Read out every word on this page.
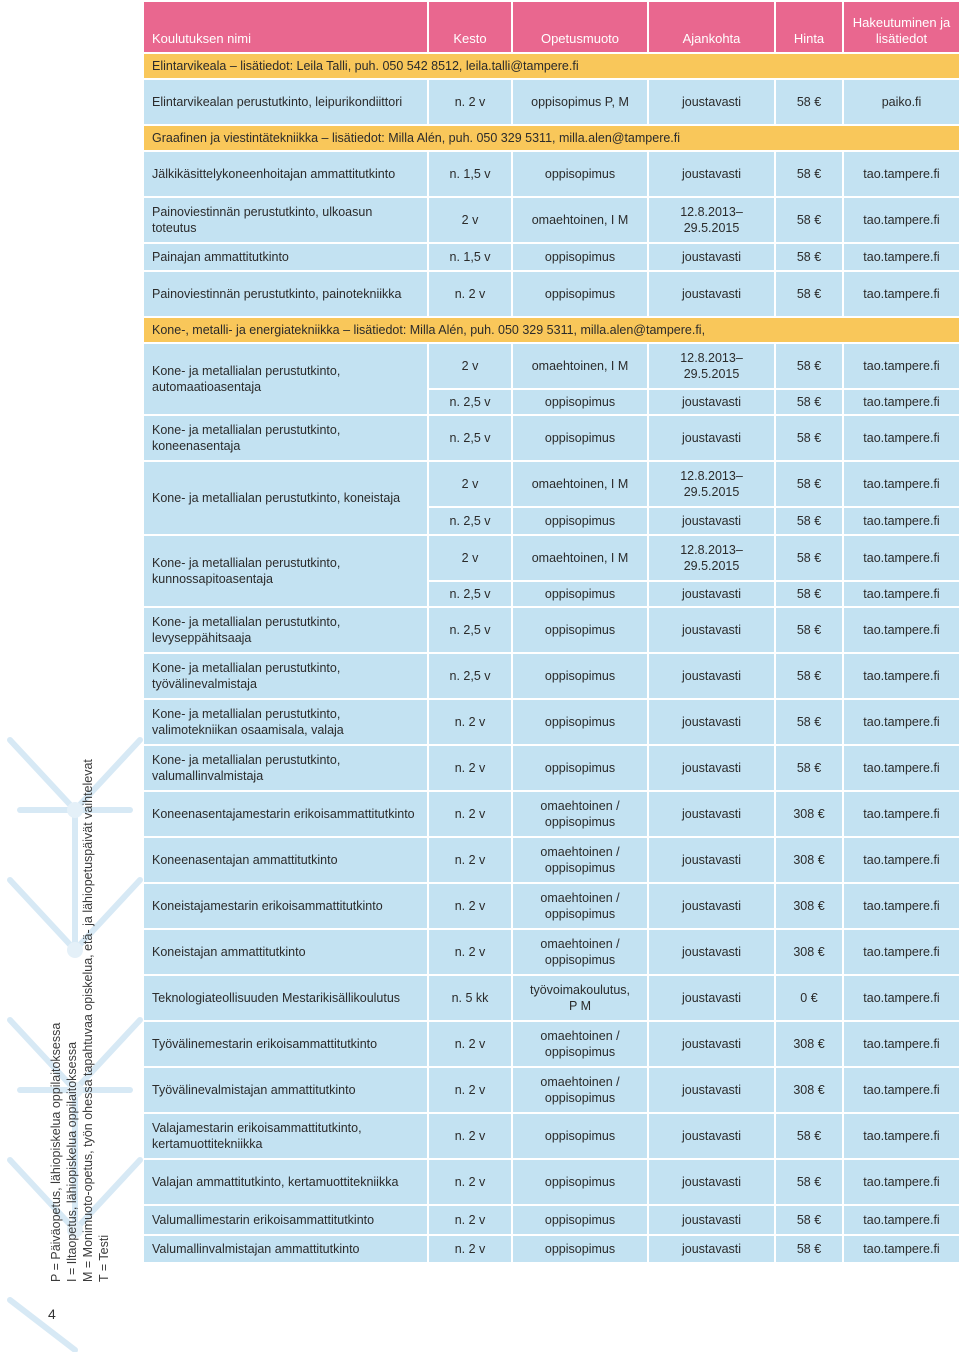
P = Päiväopetus, lähiopiskelua oppilaitoksessa I = Iltaopetus, lähiopiskelua oppilaitoksessa M = Monimuoto-opetus, työn ohessa tapahtuvaa opiskelua, etä- ja lähiopetuspäivät vaihtelevat T = Testi
4
Koulutuksen nimi	Kesto	Opetusmuoto	Ajankohta	Hinta	Hakeutuminen ja lisätiedot
Elintarvikeala – lisätiedot: Leila Talli, puh. 050 542 8512, leila.talli@tampere.fi					
Elintarvikealan perustutkinto, leipurikondiittori	n. 2 v	oppisopimus P, M	joustavasti	58 €	paiko.fi
Graafinen ja viestintätekniikka – lisätiedot: Milla Alén, puh. 050 329 5311, milla.alen@tampere.fi					
Jälkikäsittelykoneenhoitajan ammattitutkinto	n. 1,5 v	oppisopimus	joustavasti	58 €	tao.tampere.fi
Painoviestinnän perustutkinto, ulkoasun toteutus	2 v	omaehtoinen, I M	12.8.2013–
29.5.2015	58 €	tao.tampere.fi
Painajan ammattitutkinto	n. 1,5 v	oppisopimus	joustavasti	58 €	tao.tampere.fi
Painoviestinnän perustutkinto, painotekniikka	n. 2 v	oppisopimus	joustavasti	58 €	tao.tampere.fi
Kone-, metalli- ja energiatekniikka – lisätiedot: Milla Alén, puh. 050 329 5311, milla.alen@tampere.fi,					
Kone- ja metallialan perustutkinto, automaatioasentaja	2 v	omaehtoinen, I M	12.8.2013–
29.5.2015	58 €	tao.tampere.fi
	n. 2,5 v	oppisopimus	joustavasti	58 €	tao.tampere.fi
Kone- ja metallialan perustutkinto, koneenasentaja	n. 2,5 v	oppisopimus	joustavasti	58 €	tao.tampere.fi
Kone- ja metallialan perustutkinto, koneistaja	2 v	omaehtoinen, I M	12.8.2013–
29.5.2015	58 €	tao.tampere.fi
	n. 2,5 v	oppisopimus	joustavasti	58 €	tao.tampere.fi
Kone- ja metallialan perustutkinto, kunnossapitoasentaja	2 v	omaehtoinen, I M	12.8.2013–
29.5.2015	58 €	tao.tampere.fi
	n. 2,5 v	oppisopimus	joustavasti	58 €	tao.tampere.fi
Kone- ja metallialan perustutkinto, levyseppähitsaaja	n. 2,5 v	oppisopimus	joustavasti	58 €	tao.tampere.fi
Kone- ja metallialan perustutkinto, työvälinevalmistaja	n. 2,5 v	oppisopimus	joustavasti	58 €	tao.tampere.fi
Kone- ja metallialan perustutkinto, valimotekniikan osaamisala, valaja	n. 2 v	oppisopimus	joustavasti	58 €	tao.tampere.fi
Kone- ja metallialan perustutkinto, valumallinvalmistaja	n. 2 v	oppisopimus	joustavasti	58 €	tao.tampere.fi
Koneenasentajamestarin erikoisammattitutkinto	n. 2 v	omaehtoinen /
oppisopimus	joustavasti	308 €	tao.tampere.fi
Koneenasentajan ammattitutkinto	n. 2 v	omaehtoinen /
oppisopimus	joustavasti	308 €	tao.tampere.fi
Koneistajamestarin erikoisammattitutkinto	n. 2 v	omaehtoinen /
oppisopimus	joustavasti	308 €	tao.tampere.fi
Koneistajan ammattitutkinto	n. 2 v	omaehtoinen /
oppisopimus	joustavasti	308 €	tao.tampere.fi
Teknologiateollisuuden Mestarikisällikoulutus	n. 5 kk	työvoimakoulutus,
P M	joustavasti	0 €	tao.tampere.fi
Työvälinemestarin erikoisammattitutkinto	n. 2 v	omaehtoinen /
oppisopimus	joustavasti	308 €	tao.tampere.fi
Työvälinevalmistajan ammattitutkinto	n. 2 v	omaehtoinen /
oppisopimus	joustavasti	308 €	tao.tampere.fi
Valajamestarin erikoisammattitutkinto, kertamuottitekniikka	n. 2 v	oppisopimus	joustavasti	58 €	tao.tampere.fi
Valajan ammattitutkinto, kertamuottitekniikka	n. 2 v	oppisopimus	joustavasti	58 €	tao.tampere.fi
Valumallimestarin erikoisammattitutkinto	n. 2 v	oppisopimus	joustavasti	58 €	tao.tampere.fi
Valumallinvalmistajan ammattitutkinto	n. 2 v	oppisopimus	joustavasti	58 €	tao.tampere.fi
